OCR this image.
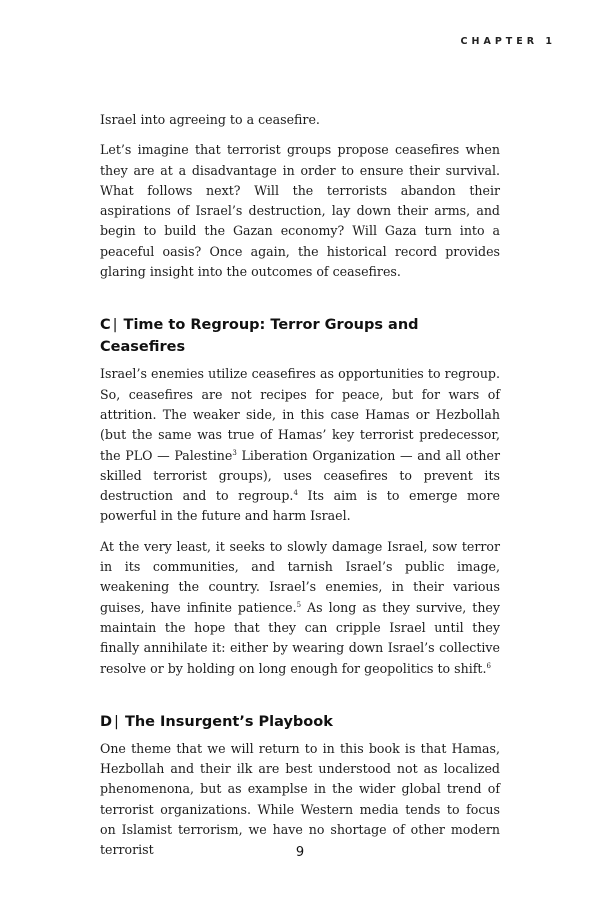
CHAPTER 1

Israel into agreeing to a ceasefire.

Let’s imagine that terrorist groups propose ceasefires when they are at a disadvantage in order to ensure their survival. What follows next? Will the terrorists abandon their aspirations of Israel’s destruction, lay down their arms, and begin to build the Gazan economy? Will Gaza turn into a peaceful oasis? Once again, the historical record provides glaring insight into the outcomes of ceasefires.

C | Time to Regroup: Terror Groups and Ceasefires

Israel’s enemies utilize ceasefires as opportunities to regroup. So, ceasefires are not recipes for peace, but for wars of attrition. The weaker side, in this case Hamas or Hezbollah (but the same was true of Hamas’ key terrorist predecessor, the PLO — Palestine$^3$ Liberation Organization — and all other skilled terrorist groups), uses ceasefires to prevent its destruction and to regroup.$^4$ Its aim is to emerge more powerful in the future and harm Israel.

At the very least, it seeks to slowly damage Israel, sow terror in its communities, and tarnish Israel’s public image, weakening the country. Israel’s enemies, in their various guises, have infinite patience.$^5$ As long as they survive, they maintain the hope that they can cripple Israel until they finally annihilate it: either by wearing down Israel’s collective resolve or by holding on long enough for geopolitics to shift.$^6$

D | The Insurgent’s Playbook

One theme that we will return to in this book is that Hamas, Hezbollah and their ilk are best understood not as localized phenomenona, but as examplse in the wider global trend of terrorist organizations. While Western media tends to focus on Islamist terrorism, we have no shortage of other modern terrorist	9
